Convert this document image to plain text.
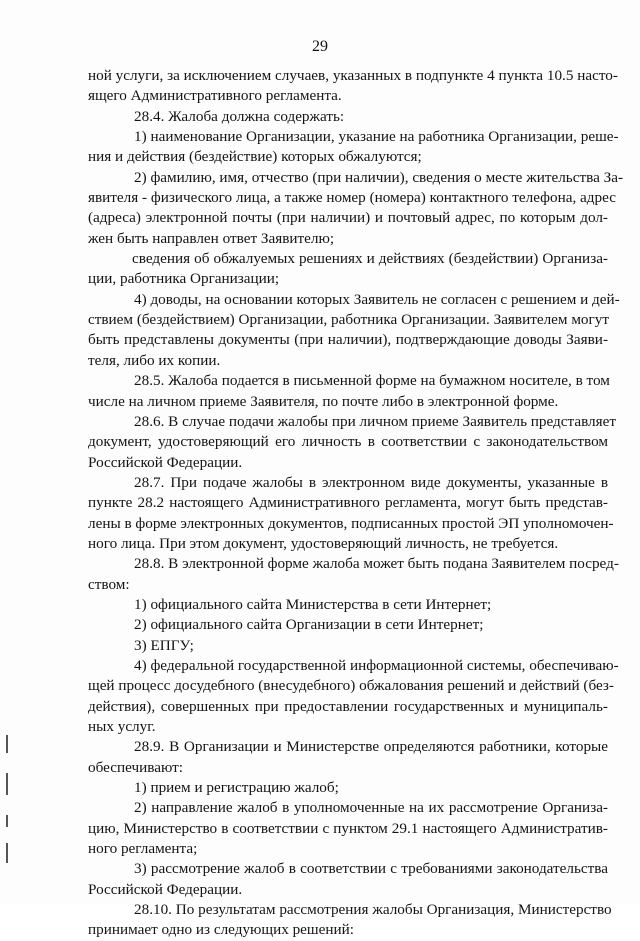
29

ной услуги, за исключением случаев, указанных в подпункте 4 пункта 10.5 насто-
ящего Административного регламента.

28.4. Жалоба должна содержать:

1) наименование Организации, указание на работника Организации, реше-
ния и действия (бездействие) которых обжалуются;

2) фамилию, имя, отчество (при наличии), сведения о месте жительства За-
явителя - физического лица, а также номер (номера) контактного телефона, адрес
(адреса) электронной почты (при наличии) и почтовый адрес, по которым дол-
жен быть направлен ответ Заявителю;

сведения об обжалуемых решениях и действиях (бездействии) Организа-
ции, работника Организации;

4) доводы, на основании которых Заявитель не согласен с решением и дей-
ствием (бездействием) Организации, работника Организации. Заявителем могут
быть представлены документы (при наличии), подтверждающие доводы Заяви-
теля, либо их копии.

28.5. Жалоба подается в письменной форме на бумажном носителе, в том
числе на личном приеме Заявителя, по почте либо в электронной форме.

28.6. В случае подачи жалобы при личном приеме Заявитель представляет
документ, удостоверяющий его личность в соответствии с законодательством
Российской Федерации.

28.7. При подаче жалобы в электронном виде документы, указанные в
пункте 28.2 настоящего Административного регламента, могут быть представ-
лены в форме электронных документов, подписанных простой ЭП уполномочен-
ного лица. При этом документ, удостоверяющий личность, не требуется.

28.8. В электронной форме жалоба может быть подана Заявителем посред-
ством:

1) официального сайта Министерства в сети Интернет;

2) официального сайта Организации в сети Интернет;

3) ЕПГУ;

4) федеральной государственной информационной системы, обеспечиваю-
щей процесс досудебного (внесудебного) обжалования решений и действий (без-
действия), совершенных при предоставлении государственных и муниципаль-
ных услуг.

28.9. В Организации и Министерстве определяются работники, которые
обеспечивают:

1) прием и регистрацию жалоб;

2) направление жалоб в уполномоченные на их рассмотрение Организа-
цию, Министерство в соответствии с пунктом 29.1 настоящего Административ-
ного регламента;

3) рассмотрение жалоб в соответствии с требованиями законодательства
Российской Федерации.

28.10. По результатам рассмотрения жалобы Организация, Министерство
принимает одно из следующих решений:
